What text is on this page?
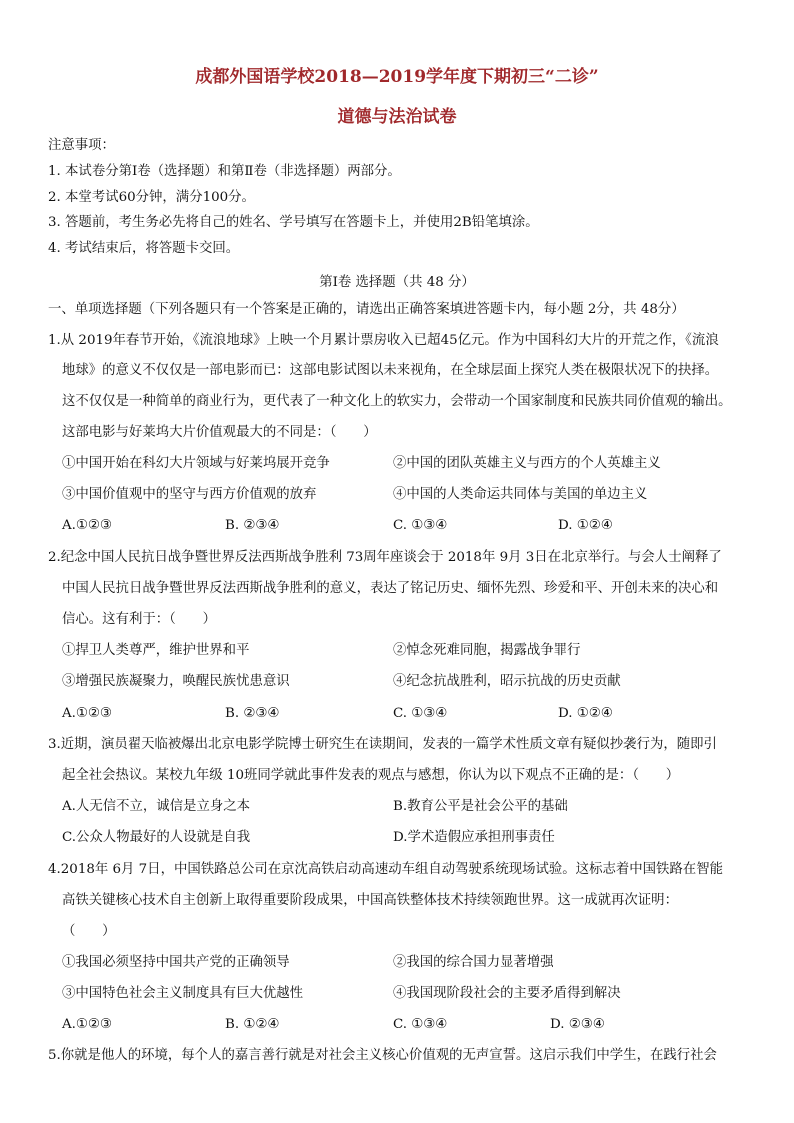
成都外国语学校2018—2019学年度下期初三“二诊”
道德与法治试卷
注意事项：
1. 本试卷分第Ⅰ卷（选择题）和第Ⅱ卷（非选择题）两部分。
2. 本堂考试60分钟，满分100分。
3. 答题前，考生务必先将自己的姓名、学号填写在答题卡上，并使用2B铅笔填涂。
4. 考试结束后，将答题卡交回。
第Ⅰ卷 选择题（共 48 分）
一、单项选择题（下列各题只有一个答案是正确的，请选出正确答案填进答题卡内，每小题 2分，共 48分）
1.从 2019年春节开始，《流浪地球》上映一个月累计票房收入已超45亿元。作为中国科幻大片的开荒之作，《流浪
地球》的意义不仅仅是一部电影而已：这部电影试图以未来视角，在全球层面上探究人类在极限状况下的抉择。
这不仅仅是一种简单的商业行为，更代表了一种文化上的软实力，会带动一个国家制度和民族共同价值观的输出。
这部电影与好莱坞大片价值观最大的不同是：（　　）
①中国开始在科幻大片领域与好莱坞展开竞争	②中国的团队英雄主义与西方的个人英雄主义
③中国价值观中的坚守与西方价值观的放弃	④中国的人类命运共同体与美国的单边主义
A.①②③	B. ②③④	C. ①③④	D. ①②④
2.纪念中国人民抗日战争暨世界反法西斯战争胜利 73周年座谈会于 2018年 9月 3日在北京举行。与会人士阐释了
中国人民抗日战争暨世界反法西斯战争胜利的意义，表达了铭记历史、缅怀先烈、珍爱和平、开创未来的决心和
信心。这有利于：（　　）
①捍卫人类尊严，维护世界和平	②悼念死难同胞，揭露战争罪行
③增强民族凝聚力，唤醒民族忧患意识	④纪念抗战胜利，昭示抗战的历史贡献
A.①②③	B. ②③④	C. ①③④	D. ①②④
3.近期，演员翟天临被爆出北京电影学院博士研究生在读期间，发表的一篇学术性质文章有疑似抄袭行为，随即引
起全社会热议。某校九年级 10班同学就此事件发表的观点与感想，你认为以下观点不正确的是：（　　）
A.人无信不立，诚信是立身之本	B.教育公平是社会公平的基础
C.公众人物最好的人设就是自我	D.学术造假应承担刑事责任
4.2018年 6月 7日，中国铁路总公司在京沈高铁启动高速动车组自动驾驶系统现场试验。这标志着中国铁路在智能
高铁关键核心技术自主创新上取得重要阶段成果，中国高铁整体技术持续领跑世界。这一成就再次证明：
（　　）
①我国必须坚持中国共产党的正确领导	②我国的综合国力显著增强
③中国特色社会主义制度具有巨大优越性	④我国现阶段社会的主要矛盾得到解决
A.①②③	B. ①②④	C. ①③④	D. ②③④
5.你就是他人的环境，每个人的嘉言善行就是对社会主义核心价值观的无声宣誓。这启示我们中学生，在践行社会
